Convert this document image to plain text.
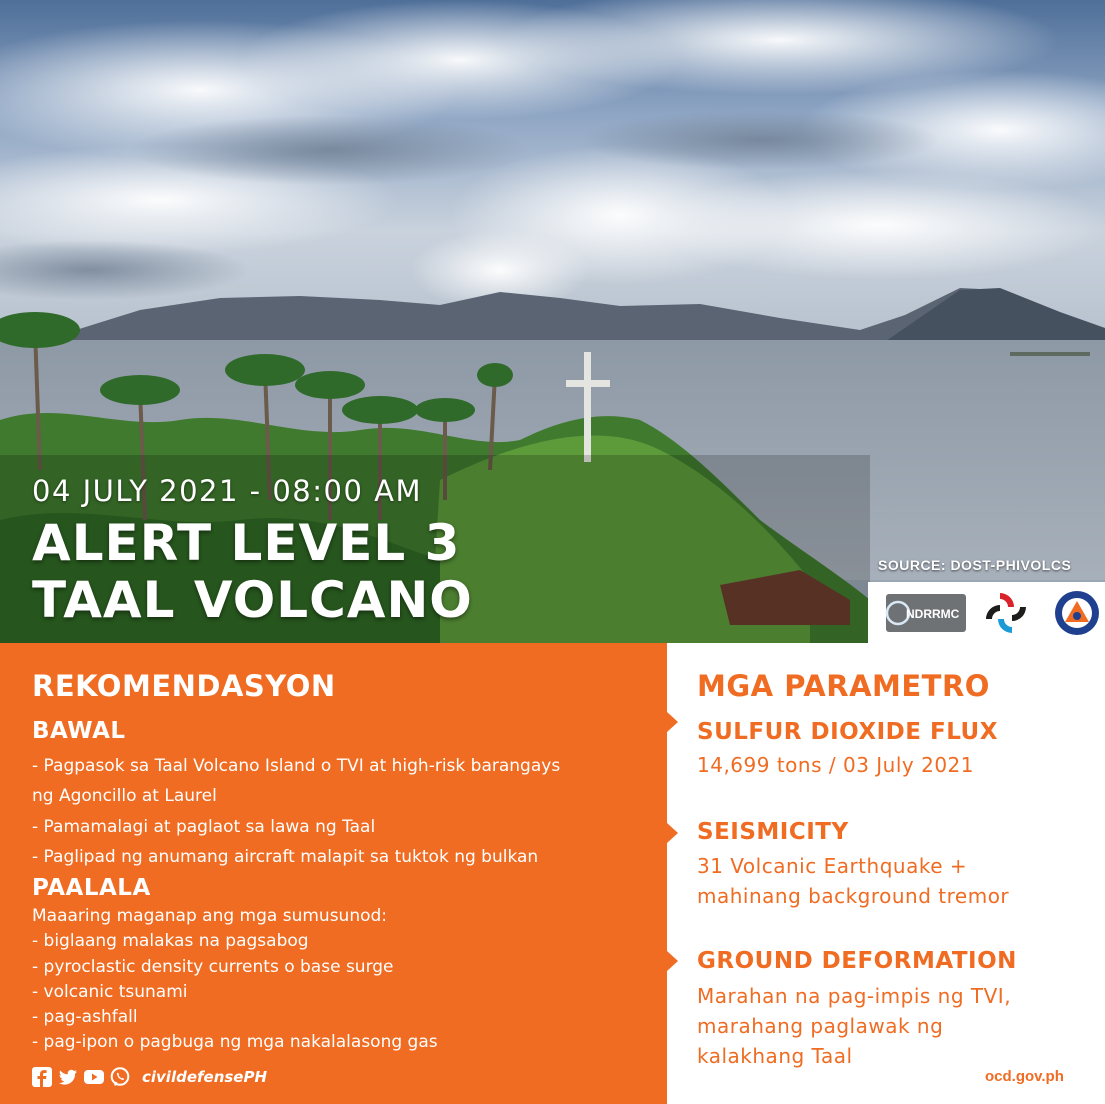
04 JULY 2021 - 08:00 AM
ALERT LEVEL 3
TAAL VOLCANO
SOURCE: DOST-PHIVOLCS
NDRRMC
REKOMENDASYON
BAWAL
- Pagpasok sa Taal Volcano Island o TVI at high-risk barangays
ng Agoncillo at Laurel
- Pamamalagi at paglaot sa lawa ng Taal
- Paglipad ng anumang aircraft malapit sa tuktok ng bulkan
PAALALA
Maaaring maganap ang mga sumusunod:
- biglaang malakas na pagsabog
- pyroclastic density currents o base surge
- volcanic tsunami
- pag-ashfall
- pag-ipon o pagbuga ng mga nakalalasong gas
civildefensePH
MGA PARAMETRO
SULFUR DIOXIDE FLUX
14,699 tons / 03 July 2021
SEISMICITY
31 Volcanic Earthquake +
mahinang background tremor
GROUND DEFORMATION
Marahan na pag-impis ng TVI,
marahang paglawak ng
kalakhang Taal
ocd.gov.ph
